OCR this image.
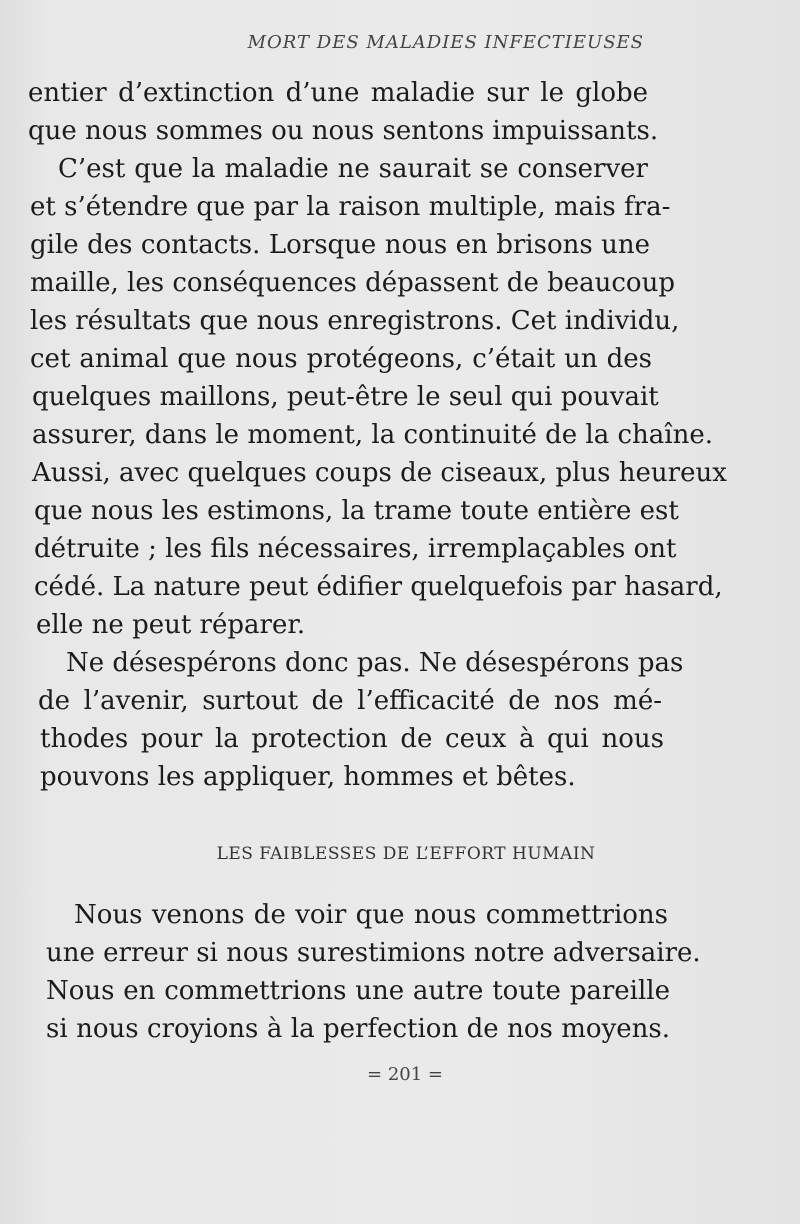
MORT DES MALADIES INFECTIEUSES
entier d’extinction d’une maladie sur le globe
que nous sommes ou nous sentons impuissants.
C’est que la maladie ne saurait se conserver
et s’étendre que par la raison multiple, mais fra-
gile des contacts. Lorsque nous en brisons une
maille, les conséquences dépassent de beaucoup
les résultats que nous enregistrons. Cet individu,
cet animal que nous protégeons, c’était un des
quelques maillons, peut-être le seul qui pouvait
assurer, dans le moment, la continuité de la chaîne.
Aussi, avec quelques coups de ciseaux, plus heureux
que nous les estimons, la trame toute entière est
détruite ; les fils nécessaires, irremplaçables ont
cédé. La nature peut édifier quelquefois par hasard,
elle ne peut réparer.
Ne désespérons donc pas. Ne désespérons pas
de l’avenir, surtout de l’efficacité de nos mé-
thodes pour la protection de ceux à qui nous
pouvons les appliquer, hommes et bêtes.
LES FAIBLESSES DE L’EFFORT HUMAIN
Nous venons de voir que nous commettrions
une erreur si nous surestimions notre adversaire.
Nous en commettrions une autre toute pareille
si nous croyions à la perfection de nos moyens.
= 201 =
